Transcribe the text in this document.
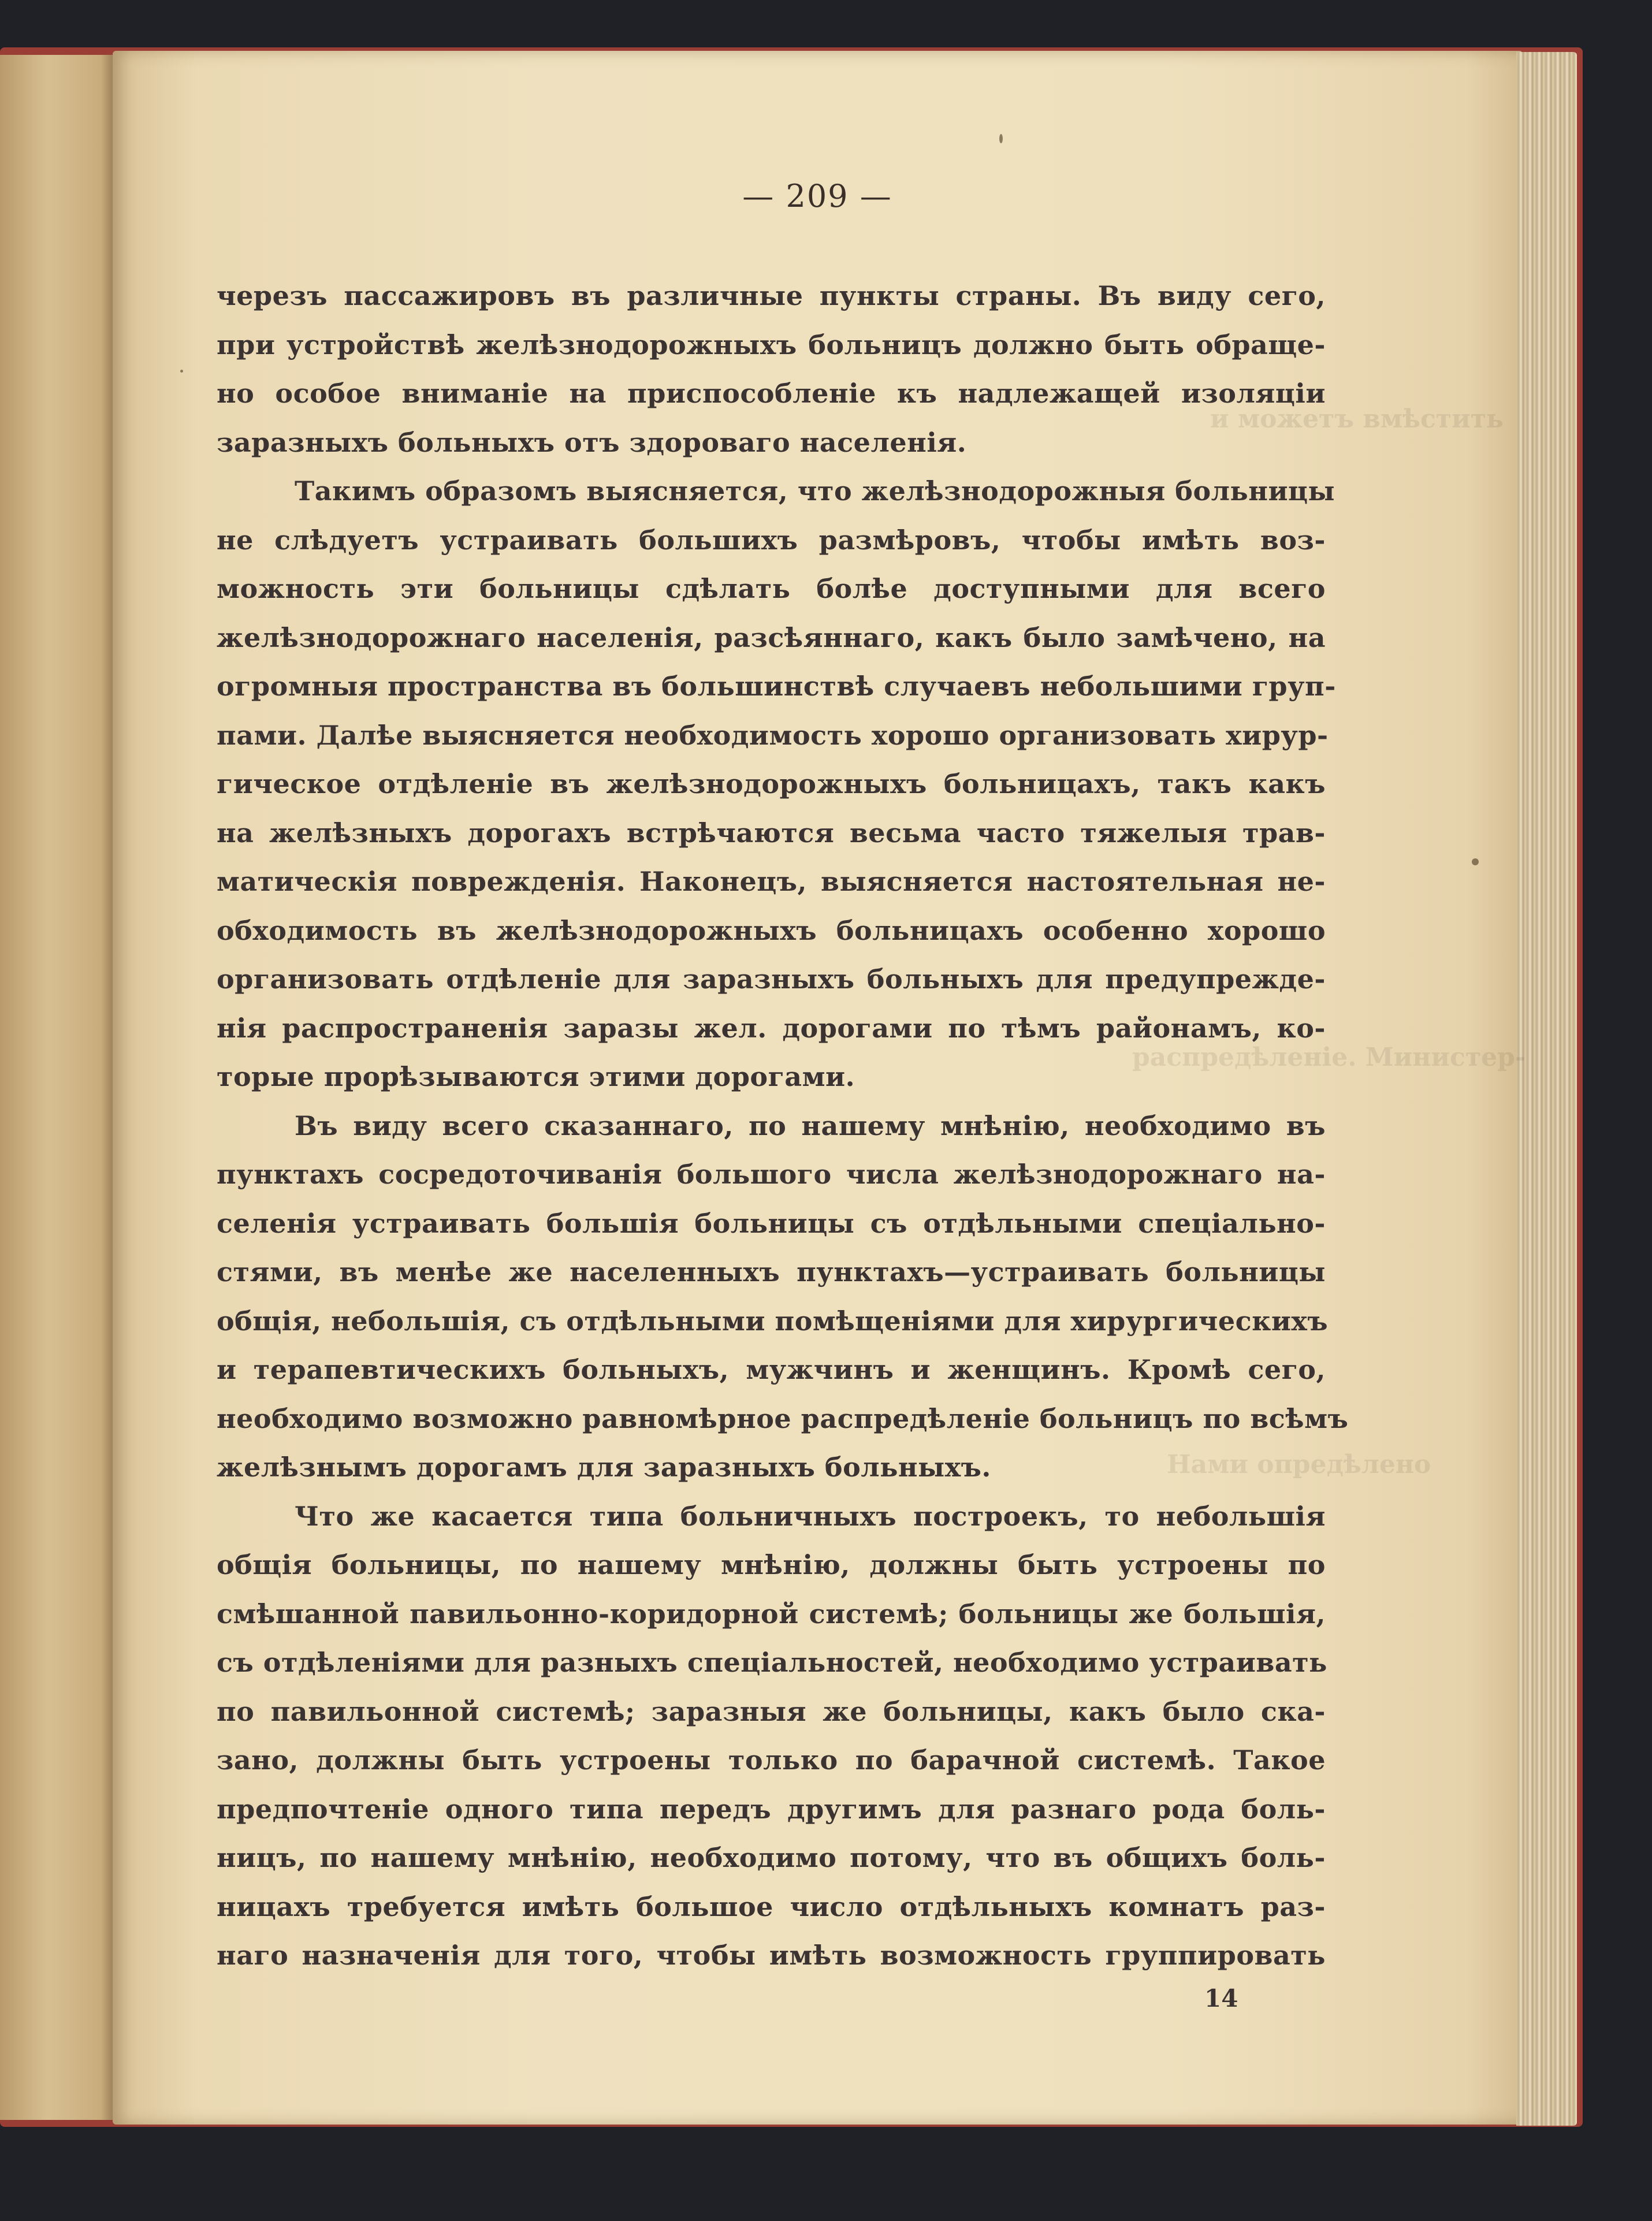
и можетъ вмѣстить
распредѣленіе. Министер-
Нами опредѣлено
— 209 —
черезъ пассажировъ въ различные пункты страны. Въ виду сего,
при устройствѣ желѣзнодорожныхъ больницъ должно быть обраще-
но особое вниманіе на приспособленіе къ надлежащей изоляціи
заразныхъ больныхъ отъ здороваго населенія.
Такимъ образомъ выясняется, что желѣзнодорожныя больницы
не слѣдуетъ устраивать большихъ размѣровъ, чтобы имѣть воз-
можность эти больницы сдѣлать болѣе доступными для всего
желѣзнодорожнаго населенія, разсѣяннаго, какъ было замѣчено, на
огромныя пространства въ большинствѣ случаевъ небольшими груп-
пами. Далѣе выясняется необходимость хорошо организовать хирур-
гическое отдѣленіе въ желѣзнодорожныхъ больницахъ, такъ какъ
на желѣзныхъ дорогахъ встрѣчаются весьма часто тяжелыя трав-
матическія поврежденія. Наконецъ, выясняется настоятельная не-
обходимость въ желѣзнодорожныхъ больницахъ особенно хорошо
организовать отдѣленіе для заразныхъ больныхъ для предупрежде-
нія распространенія заразы жел. дорогами по тѣмъ районамъ, ко-
торые прорѣзываются этими дорогами.
Въ виду всего сказаннаго, по нашему мнѣнію, необходимо въ
пунктахъ сосредоточиванія большого числа желѣзнодорожнаго на-
селенія устраивать большія больницы съ отдѣльными спеціально-
стями, въ менѣе же населенныхъ пунктахъ—устраивать больницы
общія, небольшія, съ отдѣльными помѣщеніями для хирургическихъ
и терапевтическихъ больныхъ, мужчинъ и женщинъ. Кромѣ сего,
необходимо возможно равномѣрное распредѣленіе больницъ по всѣмъ
желѣзнымъ дорогамъ для заразныхъ больныхъ.
Что же касается типа больничныхъ построекъ, то небольшія
общія больницы, по нашему мнѣнію, должны быть устроены по
смѣшанной павильонно-коридорной системѣ; больницы же большія,
съ отдѣленіями для разныхъ спеціальностей, необходимо устраивать
по павильонной системѣ; заразныя же больницы, какъ было ска-
зано, должны быть устроены только по барачной системѣ. Такое
предпочтеніе одного типа передъ другимъ для разнаго рода боль-
ницъ, по нашему мнѣнію, необходимо потому, что въ общихъ боль-
ницахъ требуется имѣть большое число отдѣльныхъ комнатъ раз-
наго назначенія для того, чтобы имѣть возможность группировать
14
